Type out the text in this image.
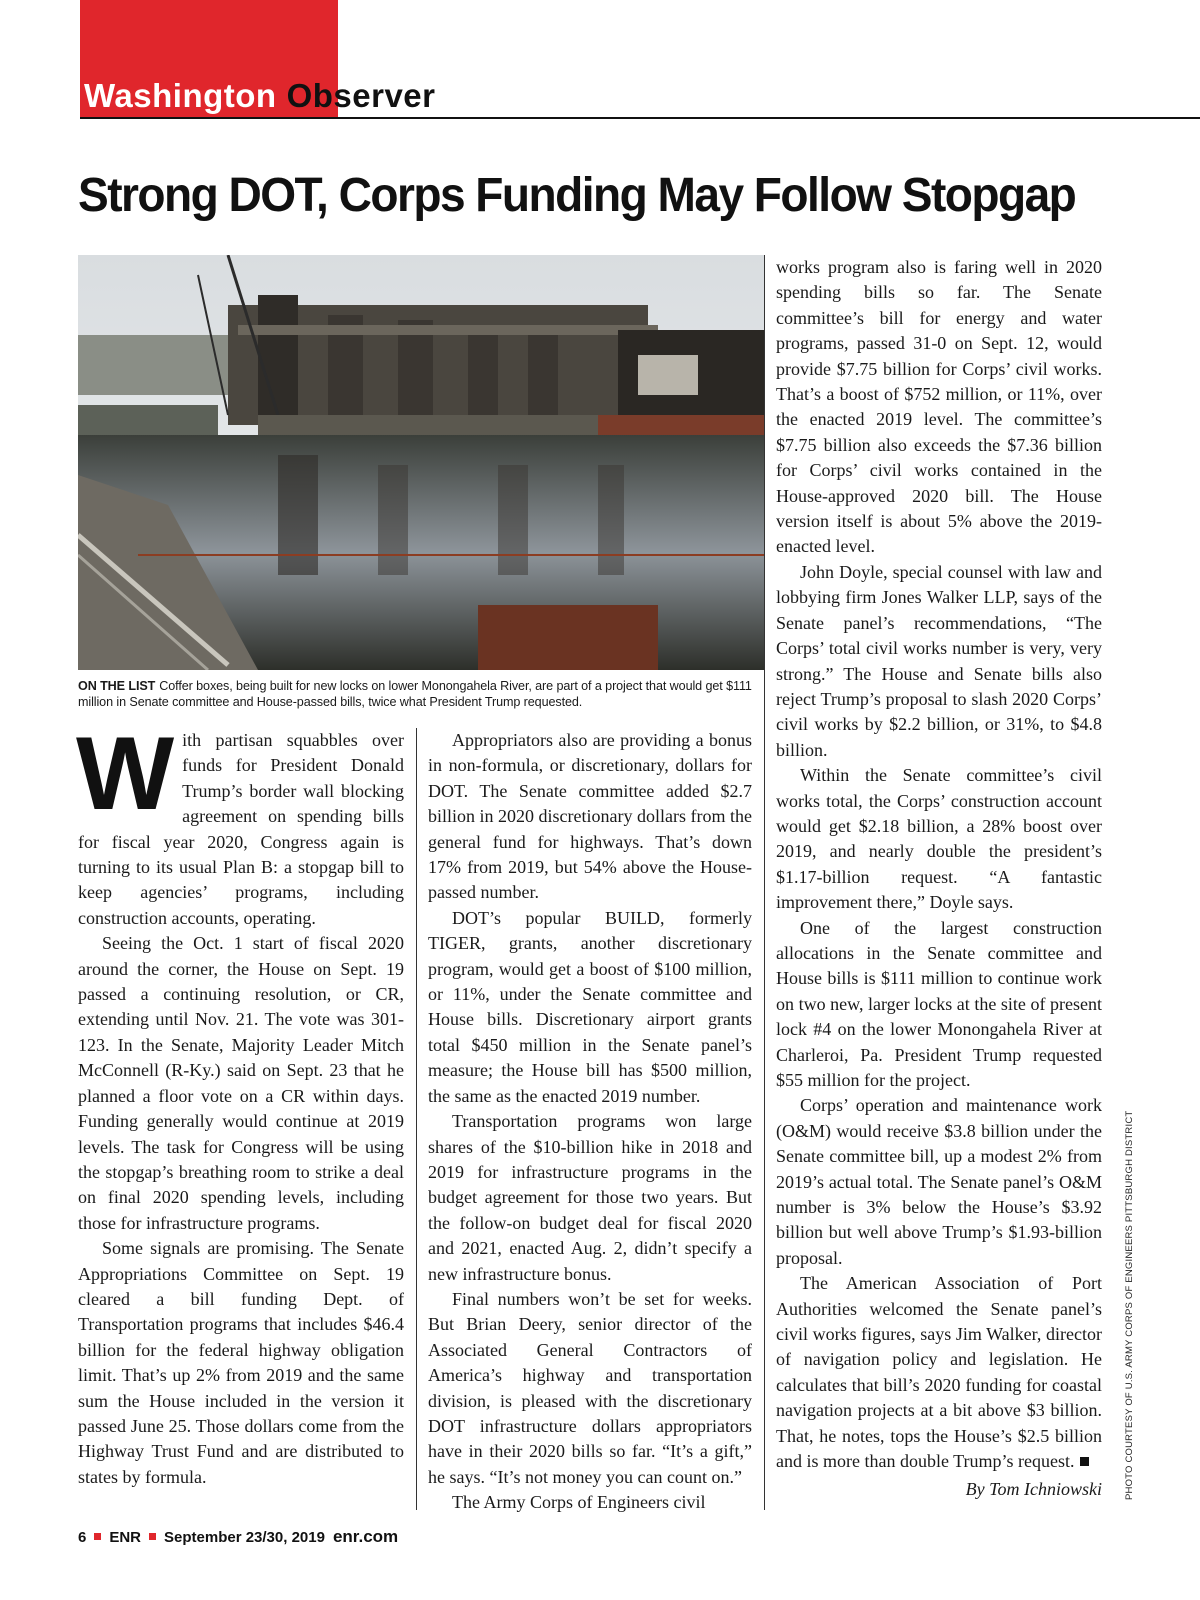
Washington Observer
Strong DOT, Corps Funding May Follow Stopgap
ON THE LIST Coffer boxes, being built for new locks on lower Monongahela River, are part of a project that would get $111 million in Senate committee and House-passed bills, twice what President Trump requested.

With partisan squabbles over funds for President Donald Trump’s border wall blocking agreement on spending bills for fiscal year 2020, Congress again is turning to its usual Plan B: a stopgap bill to keep agencies’ programs, including construction accounts, operating.

Seeing the Oct. 1 start of fiscal 2020 around the corner, the House on Sept. 19 passed a continuing resolution, or CR, extending until Nov. 21. The vote was 301-123. In the Senate, Majority Leader Mitch McConnell (R-Ky.) said on Sept. 23 that he planned a floor vote on a CR within days. Funding generally would continue at 2019 levels. The task for Congress will be using the stopgap’s breathing room to strike a deal on final 2020 spending levels, including those for infrastructure programs.

Some signals are promising. The Senate Appropriations Committee on Sept. 19 cleared a bill funding Dept. of Transportation programs that includes $46.4 billion for the federal highway obligation limit. That’s up 2% from 2019 and the same sum the House included in the version it passed June 25. Those dollars come from the Highway Trust Fund and are distributed to states by formula.

Appropriators also are providing a bonus in non-formula, or discretionary, dollars for DOT. The Senate committee added $2.7 billion in 2020 discretionary dollars from the general fund for highways. That’s down 17% from 2019, but 54% above the House-passed number.

DOT’s popular BUILD, formerly TIGER, grants, another discretionary program, would get a boost of $100 million, or 11%, under the Senate committee and House bills. Discretionary airport grants total $450 million in the Senate panel’s measure; the House bill has $500 million, the same as the enacted 2019 number.

Transportation programs won large shares of the $10-billion hike in 2018 and 2019 for infrastructure programs in the budget agreement for those two years. But the follow-on budget deal for fiscal 2020 and 2021, enacted Aug. 2, didn’t specify a new infrastructure bonus.

Final numbers won’t be set for weeks. But Brian Deery, senior director of the Associated General Contractors of America’s highway and transportation division, is pleased with the discretionary DOT infrastructure dollars appropriators have in their 2020 bills so far. “It’s a gift,” he says. “It’s not money you can count on.”

The Army Corps of Engineers civil

works program also is faring well in 2020 spending bills so far. The Senate committee’s bill for energy and water programs, passed 31-0 on Sept. 12, would provide $7.75 billion for Corps’ civil works. That’s a boost of $752 million, or 11%, over the enacted 2019 level. The committee’s $7.75 billion also exceeds the $7.36 billion for Corps’ civil works contained in the House-approved 2020 bill. The House version itself is about 5% above the 2019-enacted level.

John Doyle, special counsel with law and lobbying firm Jones Walker LLP, says of the Senate panel’s recommendations, “The Corps’ total civil works number is very, very strong.” The House and Senate bills also reject Trump’s proposal to slash 2020 Corps’ civil works by $2.2 billion, or 31%, to $4.8 billion.

Within the Senate committee’s civil works total, the Corps’ construction account would get $2.18 billion, a 28% boost over 2019, and nearly double the president’s $1.17-billion request. “A fantastic improvement there,” Doyle says.

One of the largest construction allocations in the Senate committee and House bills is $111 million to continue work on two new, larger locks at the site of present lock #4 on the lower Monongahela River at Charleroi, Pa. President Trump requested $55 million for the project.

Corps’ operation and maintenance work (O&M) would receive $3.8 billion under the Senate committee bill, up a modest 2% from 2019’s actual total. The Senate panel’s O&M number is 3% below the House’s $3.92 billion but well above Trump’s $1.93-billion proposal.

The American Association of Port Authorities welcomed the Senate panel’s civil works figures, says Jim Walker, director of navigation policy and legislation. He calculates that bill’s 2020 funding for coastal navigation projects at a bit above $3 billion. That, he notes, tops the House’s $2.5 billion and is more than double Trump’s request.

By Tom Ichniowski PHOTO COURTESY OF U.S. ARMY CORPS OF ENGINEERS PITTSBURGH DISTRICT
6 ENR September 23/30, 2019 enr.com
